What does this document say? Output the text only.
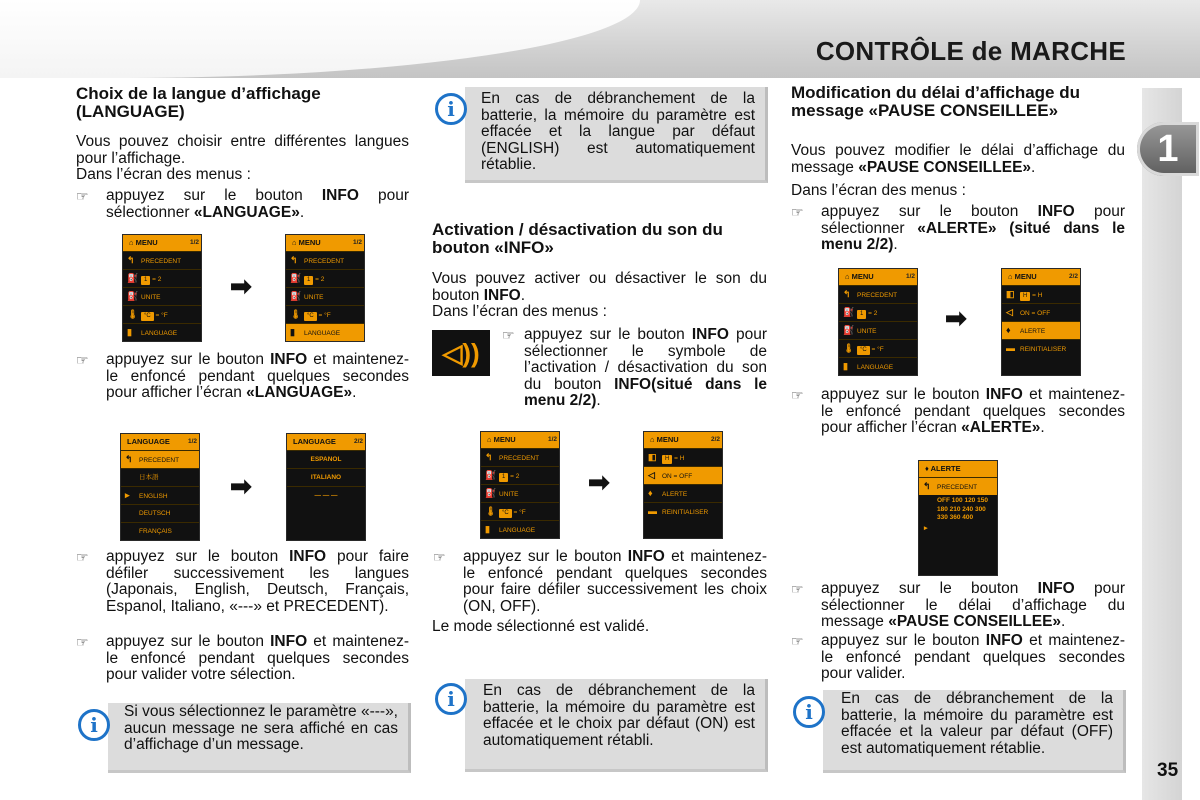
CONTRÔLE de MARCHE
1
35
Choix de la langue d’affichage (LANGUAGE)
Vous pouvez choisir entre différentes langues pour l’affichage.
Dans l’écran des menus :
☞ appuyez sur le bouton INFO pour sélectionner «LANGUAGE».
⌂ MENU	1/2
↰ PRECEDENT
⛽ 1 = 2
⛽ UNITE
🌡 °C = °F
▮ LANGUAGE
➡
⌂ MENU	1/2
↰ PRECEDENT
⛽ 1 = 2
⛽ UNITE
🌡 °C = °F
▮ LANGUAGE
☞ appuyez sur le bouton INFO et maintenez-le enfoncé pendant quelques secondes pour afficher l’écran «LANGUAGE».
LANGUAGE	1/2
↰ PRECEDENT
日本語
▸ ENGLISH
DEUTSCH
FRANÇAIS
➡
LANGUAGE	2/2
ESPANOL
ITALIANO
— — —
☞ appuyez sur le bouton INFO pour faire défiler successivement les langues (Japonais, English, Deutsch, Français, Espanol, Italiano, «---» et PRECEDENT).
☞ appuyez sur le bouton INFO et maintenez-le enfoncé pendant quelques secondes pour valider votre sélection.
i
Si vous sélectionnez le paramètre «---», aucun message ne sera affiché en cas d’affichage d’un message.
i	En cas de débranchement de la batterie, la mémoire du paramètre est effacée et la langue par défaut (ENGLISH) est automatiquement rétablie.
Activation / désactivation du son du bouton «INFO»
Vous pouvez activer ou désactiver le son du bouton INFO.
Dans l’écran des menus :
◁))
☞ appuyez sur le bouton INFO pour sélectionner le symbole de l’activation / désactivation du son du bouton INFO(situé dans le menu 2/2).
⌂ MENU	1/2
↰ PRECEDENT
⛽ 1 = 2
⛽ UNITE
🌡 °C = °F
▮ LANGUAGE
➡
⌂ MENU	2/2
◧ H = H
◁ ON = OFF
♦ ALERTE
▬ REINITIALISER
☞ appuyez sur le bouton INFO et maintenez-le enfoncé pendant quelques secondes pour faire défiler successivement les choix (ON, OFF).
Le mode sélectionné est validé.
i	En cas de débranchement de la batterie, la mémoire du paramètre est effacée et le choix par défaut (ON) est automatiquement rétabli.
Modification du délai d’affichage du message «PAUSE CONSEILLEE»
Vous pouvez modifier le délai d’affichage du message «PAUSE CONSEILLEE».
Dans l’écran des menus :
☞ appuyez sur le bouton INFO pour sélectionner «ALERTE» (situé dans le menu 2/2).
⌂ MENU	1/2
↰ PRECEDENT
⛽ 1 = 2
⛽ UNITE
🌡 °C = °F
▮ LANGUAGE
➡
⌂ MENU	2/2
◧ H = H
◁ ON = OFF
♦ ALERTE
▬ REINITIALISER
☞ appuyez sur le bouton INFO et maintenez-le enfoncé pendant quelques secondes pour afficher l’écran «ALERTE».
♦ ALERTE
↰ PRECEDENT
▸
OFF 100 120 150 180 210 240 300 330 360 400
☞ appuyez sur le bouton INFO pour sélectionner le délai d’affichage du message «PAUSE CONSEILLEE».
☞ appuyez sur le bouton INFO et maintenez-le enfoncé pendant quelques secondes pour valider.
i
En cas de débranchement de la batterie, la mémoire du paramètre est effacée et la valeur par défaut (OFF) est automatiquement rétablie.
